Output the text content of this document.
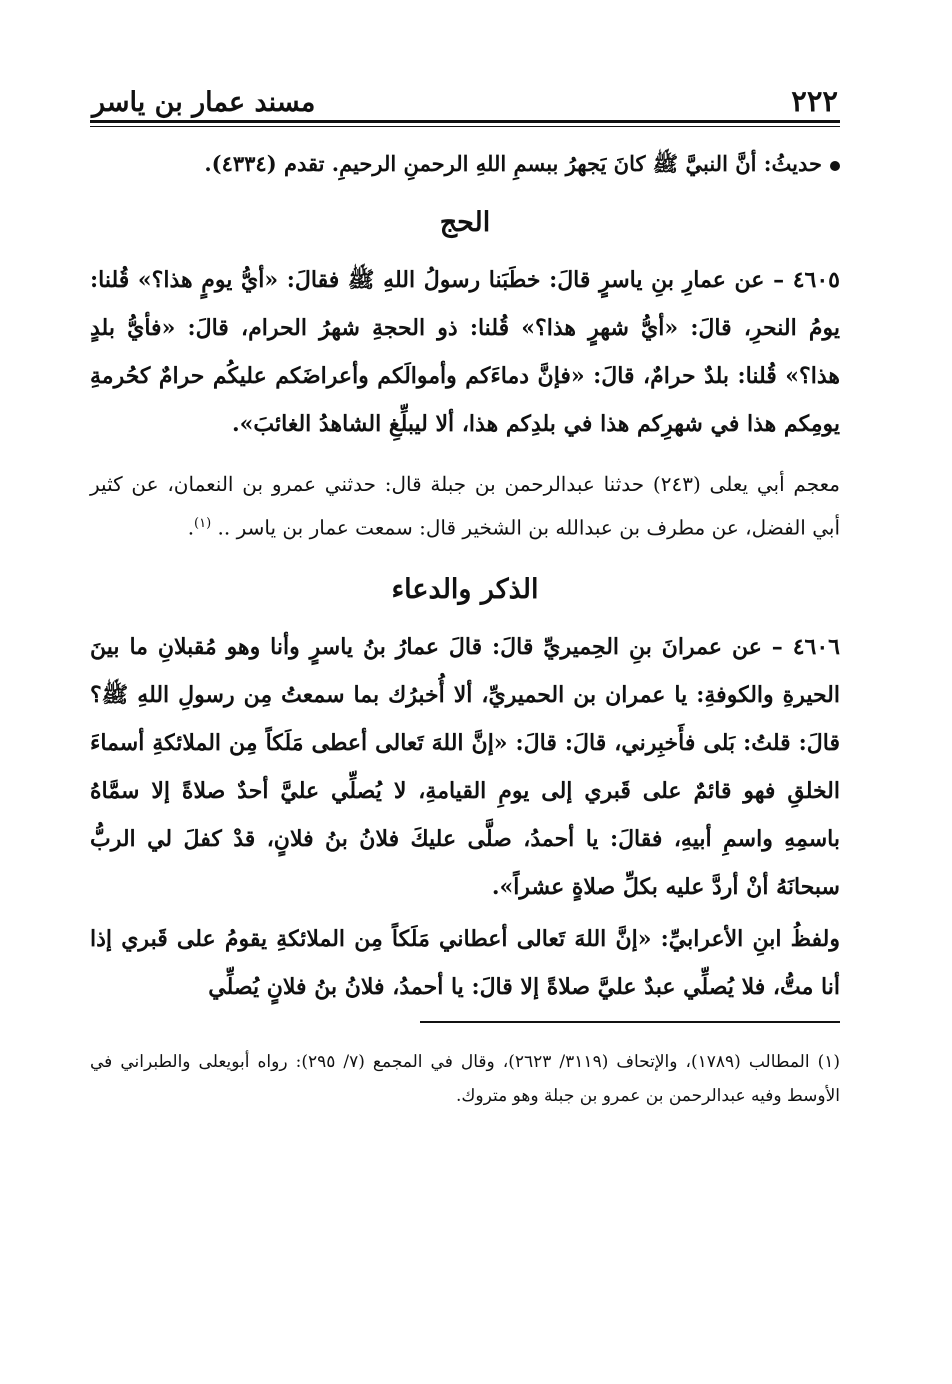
٢٢٢
مسند عمار بن ياسر
حديثُ: أنَّ النبيَّ ﷺ كانَ يَجهرُ ببسمِ اللهِ الرحمنِ الرحيمِ. تقدم (٤٣٣٤).
الحج
٤٦٠٥ – عن عمارِ بنِ ياسرٍ قالَ: خطَبَنا رسولُ اللهِ ﷺ فقالَ: «أيُّ يومٍ هذا؟» قُلنا: يومُ النحرِ، قالَ: «أيُّ شهرٍ هذا؟» قُلنا: ذو الحجةِ شهرُ الحرام، قالَ: «فأيُّ بلدٍ هذا؟» قُلنا: بلدٌ حرامٌ، قالَ: «فإنَّ دماءَكم وأموالَكم وأعراضَكم عليكُم حرامٌ كحُرمةِ يومِكم هذا في شهرِكم هذا في بلدِكم هذا، ألا ليبلِّغِ الشاهدُ الغائبَ».
معجم أبي يعلى (٢٤٣) حدثنا عبدالرحمن بن جبلة قال: حدثني عمرو بن النعمان، عن كثير أبي الفضل، عن مطرف بن عبدالله بن الشخير قال: سمعت عمار بن ياسر .. $^{(١)}$.
الذكر والدعاء
٤٦٠٦ – عن عمرانَ بنِ الحِميريِّ قالَ: قالَ عمارُ بنُ ياسرٍ وأنا وهو مُقبلانِ ما بينَ الحيرةِ والكوفةِ: يا عمران بن الحميريِّ، ألا أُخبرُك بما سمعتُ مِن رسولِ اللهِ ﷺ؟ قالَ: قلتُ: بَلى فأَخبِرني، قالَ: قالَ: «إنَّ اللهَ تَعالى أعطى مَلَكاً مِن الملائكةِ أسماءَ الخلقِ فهو قائمٌ على قَبري إلى يومِ القيامةِ، لا يُصلِّي عليَّ أحدٌ صلاةً إلا سمَّاهُ باسمِهِ واسمِ أبيهِ، فقالَ: يا أحمدُ، صلَّى عليكَ فلانُ بنُ فلانٍ، قدْ كفلَ لي الربُّ سبحانَهُ أنْ أردَّ عليه بكلِّ صلاةٍ عشراً».
ولفظُ ابنِ الأعرابيِّ: «إنَّ اللهَ تَعالى أعطاني مَلَكاً مِن الملائكةِ يقومُ على قَبري إذا أنا متُّ، فلا يُصلِّي عبدٌ عليَّ صلاةً إلا قالَ: يا أحمدُ، فلانُ بنُ فلانٍ يُصلِّي
(١) المطالب (١٧٨٩)، والإتحاف (٣١١٩/ ٢٦٢٣)، وقال في المجمع (٧/ ٢٩٥): رواه أبويعلى والطبراني في الأوسط وفيه عبدالرحمن بن عمرو بن جبلة وهو متروك.
